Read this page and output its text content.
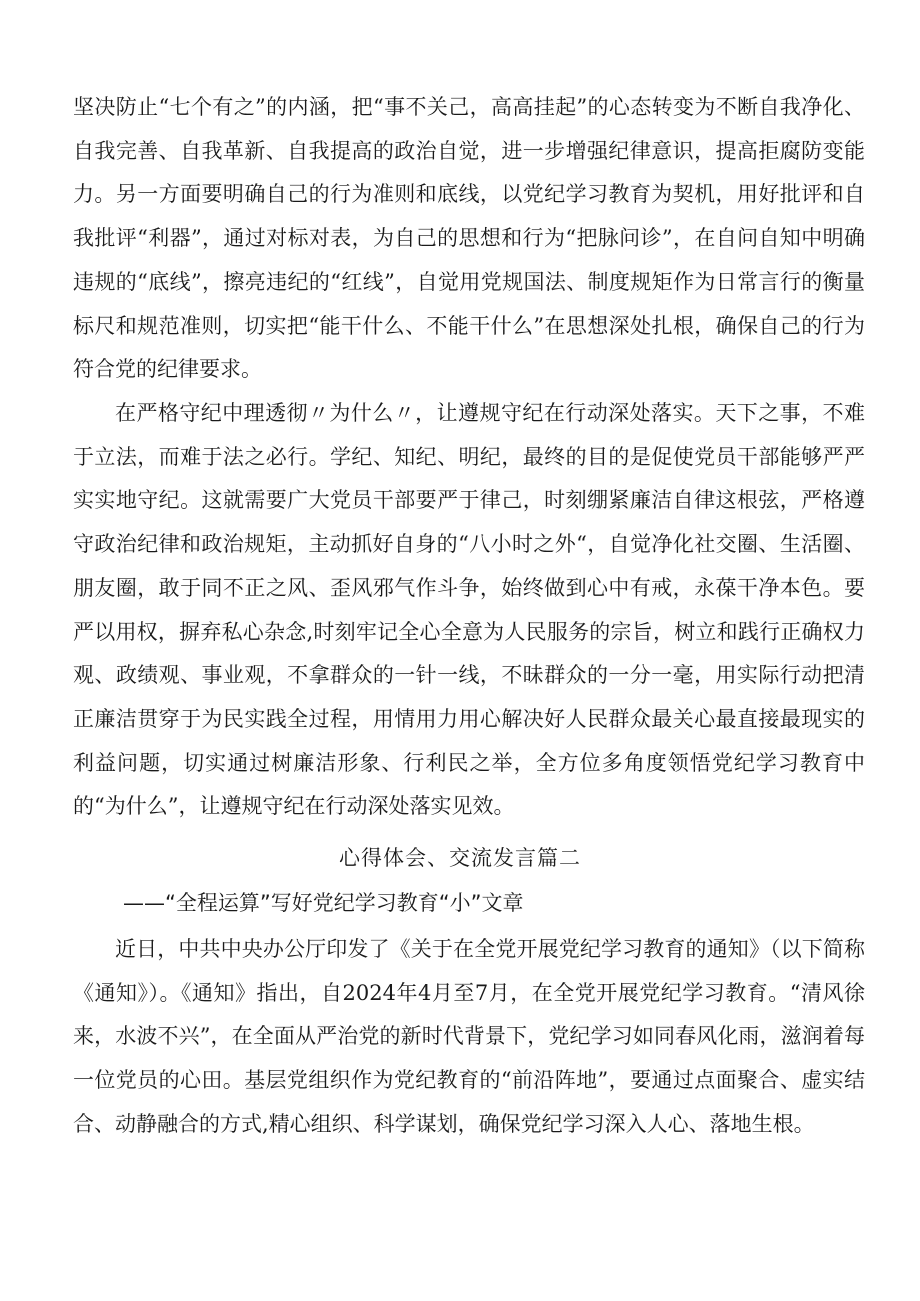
坚决防止“七个有之”的内涵，把“事不关己，高高挂起”的心态转变为不断自我净化、自我完善、自我革新、自我提高的政治自觉，进一步增强纪律意识，提高拒腐防变能力。另一方面要明确自己的行为准则和底线，以党纪学习教育为契机，用好批评和自我批评“利器”，通过对标对表，为自己的思想和行为“把脉问诊”，在自问自知中明确违规的“底线”，擦亮违纪的“红线”，自觉用党规国法、制度规矩作为日常言行的衡量标尺和规范准则，切实把“能干什么、不能干什么”在思想深处扎根，确保自己的行为符合党的纪律要求。

在严格守纪中理透彻〃为什么〃，让遵规守纪在行动深处落实。天下之事，不难于立法，而难于法之必行。学纪、知纪、明纪，最终的目的是促使党员干部能够严严实实地守纪。这就需要广大党员干部要严于律己，时刻绷紧廉洁自律这根弦，严格遵守政治纪律和政治规矩，主动抓好自身的“八小时之外“，自觉净化社交圈、生活圈、朋友圈，敢于同不正之风、歪风邪气作斗争，始终做到心中有戒，永葆干净本色。要严以用权，摒弃私心杂念,时刻牢记全心全意为人民服务的宗旨，树立和践行正确权力观、政绩观、事业观，不拿群众的一针一线，不昧群众的一分一毫，用实际行动把清正廉洁贯穿于为民实践全过程，用情用力用心解决好人民群众最关心最直接最现实的利益问题，切实通过树廉洁形象、行利民之举，全方位多角度领悟党纪学习教育中的“为什么”，让遵规守纪在行动深处落实见效。

心得体会、交流发言篇二
——“全程运算”写好党纪学习教育“小”文章

近日，中共中央办公厅印发了《关于在全党开展党纪学习教育的通知》（以下简称《通知》）。《通知》指出，自2024年4月至7月，在全党开展党纪学习教育。“清风徐来，水波不兴”，在全面从严治党的新时代背景下，党纪学习如同春风化雨，滋润着每一位党员的心田。基层党组织作为党纪教育的“前沿阵地”，要通过点面聚合、虚实结合、动静融合的方式,精心组织、科学谋划，确保党纪学习深入人心、落地生根。
